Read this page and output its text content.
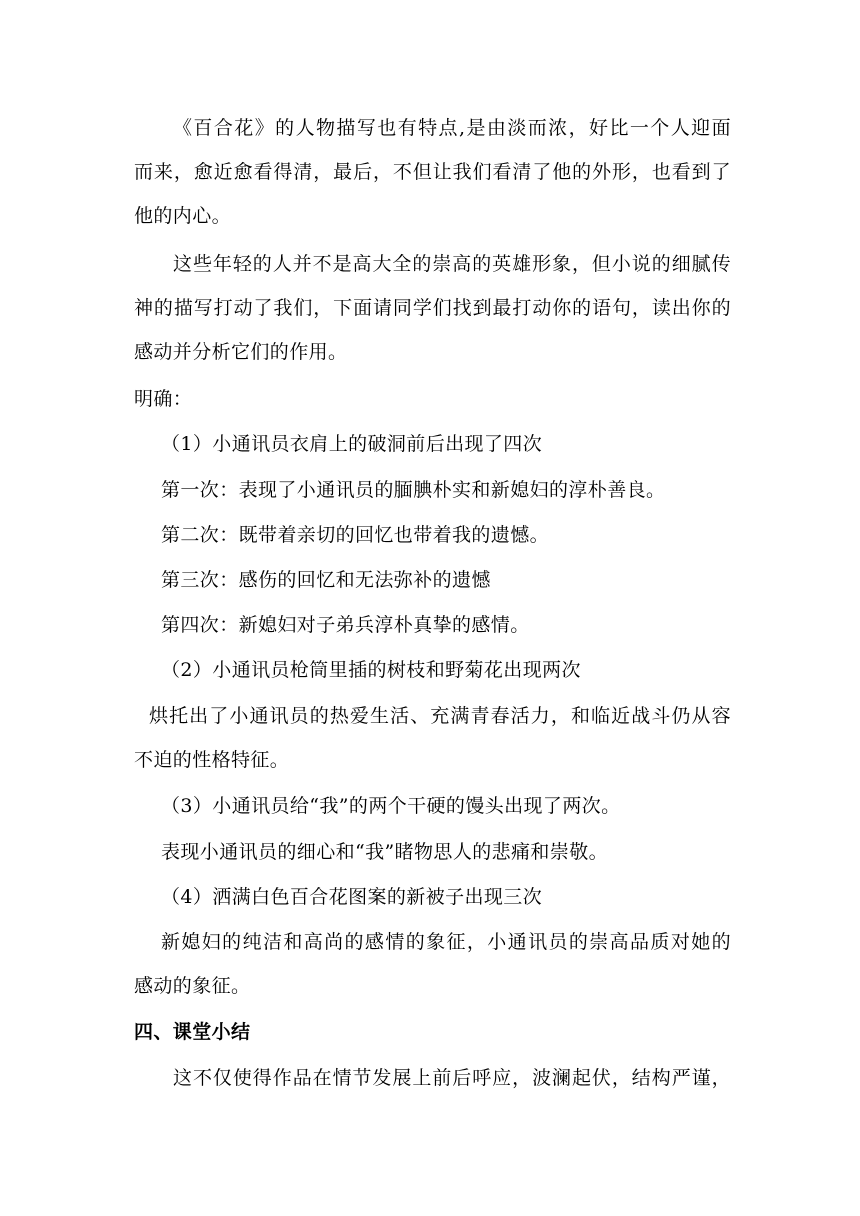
《百合花》的人物描写也有特点,是由淡而浓，好比一个人迎面
而来，愈近愈看得清，最后，不但让我们看清了他的外形，也看到了
他的内心。
这些年轻的人并不是高大全的崇高的英雄形象，但小说的细腻传
神的描写打动了我们，下面请同学们找到最打动你的语句，读出你的
感动并分析它们的作用。
明确：
（1）小通讯员衣肩上的破洞前后出现了四次
第一次：表现了小通讯员的腼腆朴实和新媳妇的淳朴善良。
第二次：既带着亲切的回忆也带着我的遗憾。
第三次：感伤的回忆和无法弥补的遗憾
第四次：新媳妇对子弟兵淳朴真挚的感情。
（2）小通讯员枪筒里插的树枝和野菊花出现两次
烘托出了小通讯员的热爱生活、充满青春活力，和临近战斗仍从容
不迫的性格特征。
（3）小通讯员给“我”的两个干硬的馒头出现了两次。
表现小通讯员的细心和“我”睹物思人的悲痛和崇敬。
（4）洒满白色百合花图案的新被子出现三次
新媳妇的纯洁和高尚的感情的象征，小通讯员的崇高品质对她的
感动的象征。
四、课堂小结
这不仅使得作品在情节发展上前后呼应，波澜起伏，结构严谨，
